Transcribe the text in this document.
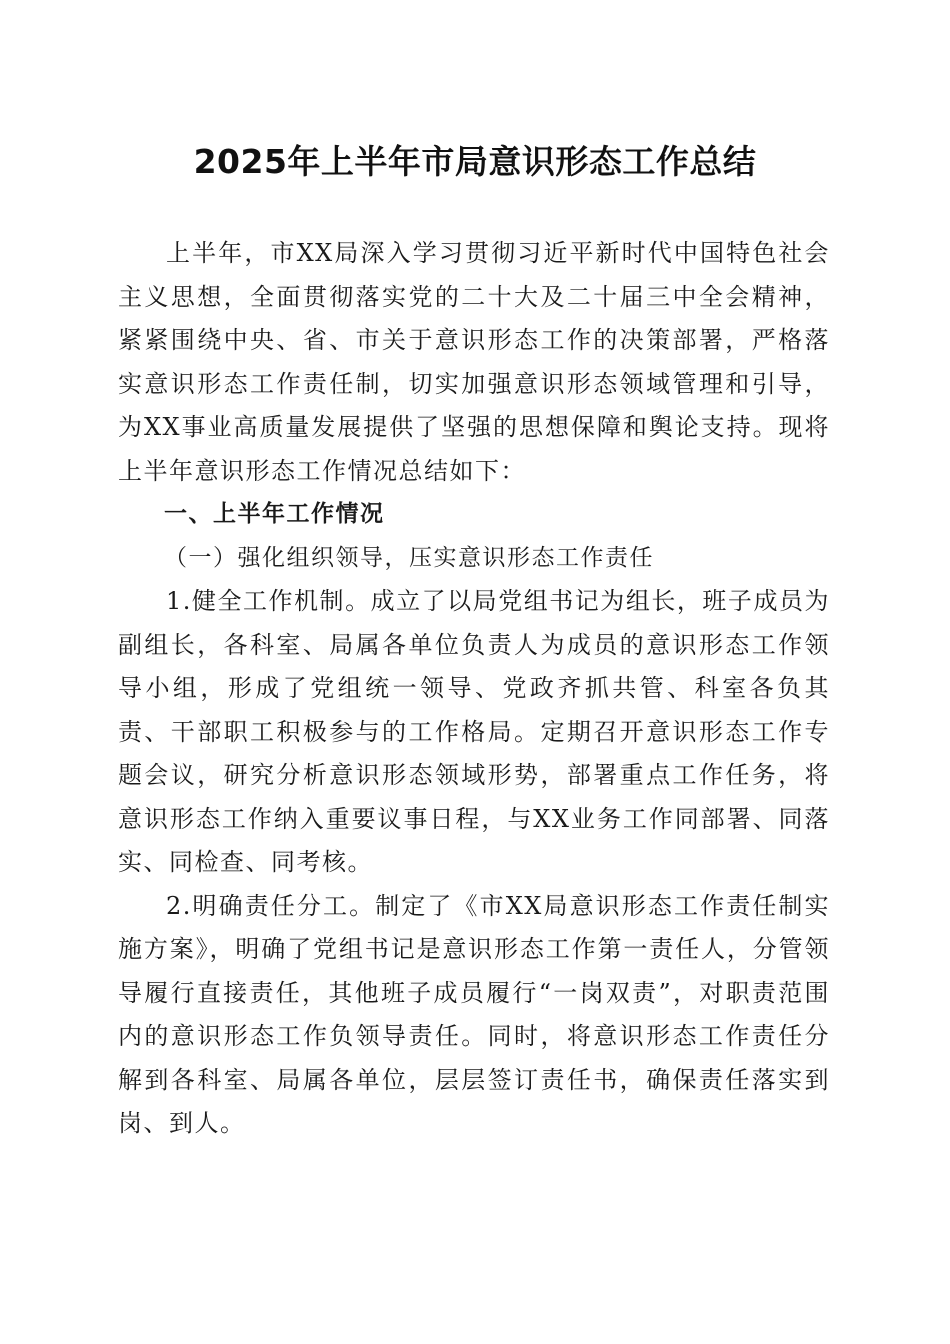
2025年上半年市局意识形态工作总结

上半年，市XX局深入学习贯彻习近平新时代中国特色社会主义思想，全面贯彻落实党的二十大及二十届三中全会精神，紧紧围绕中央、省、市关于意识形态工作的决策部署，严格落实意识形态工作责任制，切实加强意识形态领域管理和引导，为XX事业高质量发展提供了坚强的思想保障和舆论支持。现将上半年意识形态工作情况总结如下：

一、上半年工作情况

（一）强化组织领导，压实意识形态工作责任

1.健全工作机制。成立了以局党组书记为组长，班子成员为副组长，各科室、局属各单位负责人为成员的意识形态工作领导小组，形成了党组统一领导、党政齐抓共管、科室各负其责、干部职工积极参与的工作格局。定期召开意识形态工作专题会议，研究分析意识形态领域形势，部署重点工作任务，将意识形态工作纳入重要议事日程，与XX业务工作同部署、同落实、同检查、同考核。

2.明确责任分工。制定了《市XX局意识形态工作责任制实施方案》，明确了党组书记是意识形态工作第一责任人，分管领导履行直接责任，其他班子成员履行“一岗双责”，对职责范围内的意识形态工作负领导责任。同时，将意识形态工作责任分解到各科室、局属各单位，层层签订责任书，确保责任落实到岗、到人。
